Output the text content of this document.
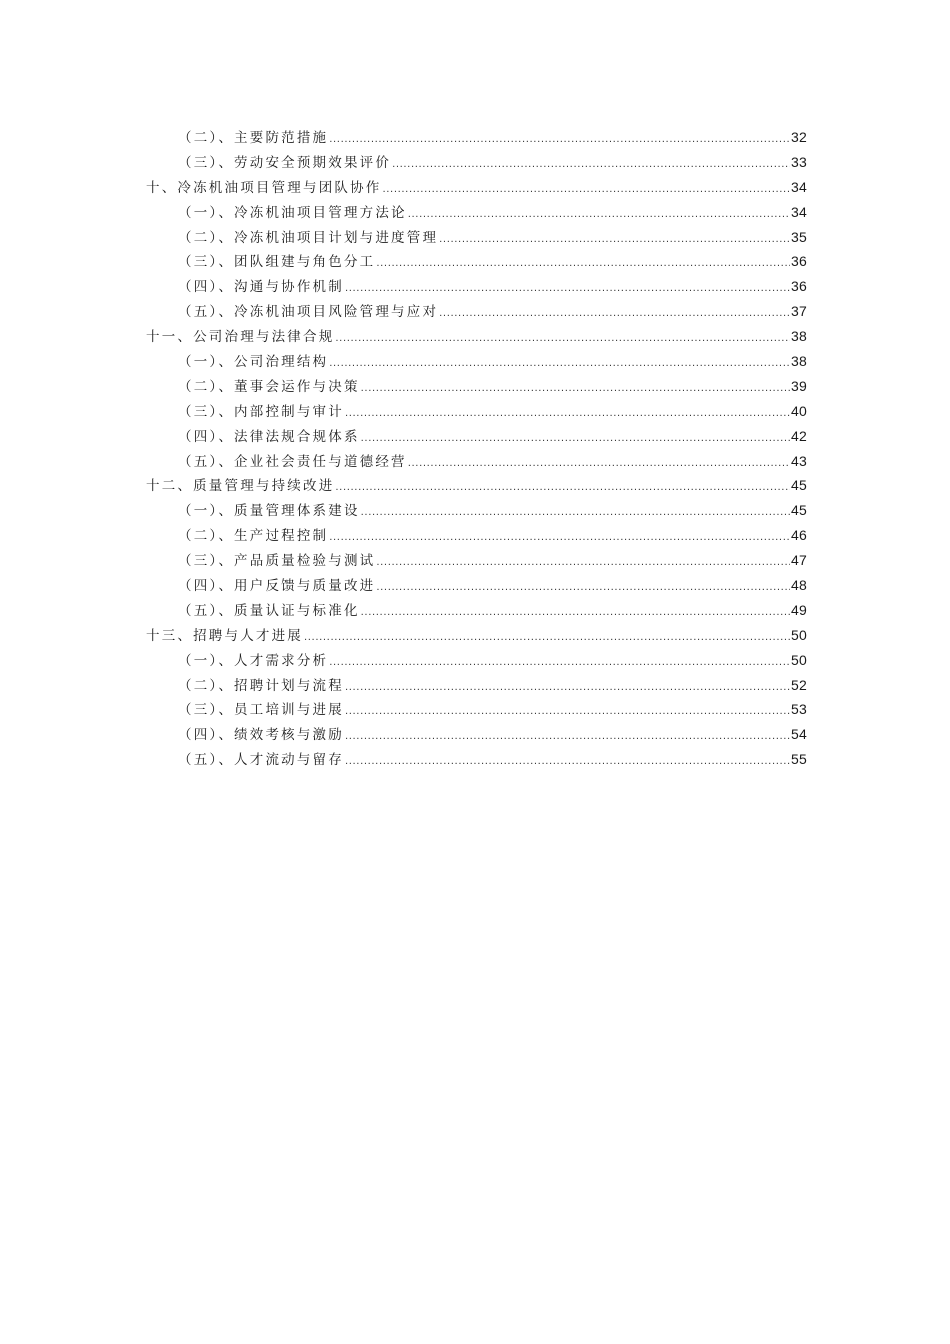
（二）、主要防范措施 .....	32
（三）、劳动安全预期效果评价 .....	33
十、冷冻机油项目管理与团队协作 .....	34
（一）、冷冻机油项目管理方法论 .....	34
（二）、冷冻机油项目计划与进度管理 .....	35
（三）、团队组建与角色分工 .....	36
（四）、沟通与协作机制 .....	36
（五）、冷冻机油项目风险管理与应对 .....	37
十一、公司治理与法律合规 .....	38
（一）、公司治理结构 .....	38
（二）、董事会运作与决策 .....	39
（三）、内部控制与审计 .....	40
（四）、法律法规合规体系 .....	42
（五）、企业社会责任与道德经营 .....	43
十二、质量管理与持续改进 .....	45
（一）、质量管理体系建设 .....	45
（二）、生产过程控制 .....	46
（三）、产品质量检验与测试 .....	47
（四）、用户反馈与质量改进 .....	48
（五）、质量认证与标准化 .....	49
十三、招聘与人才进展 .....	50
（一）、人才需求分析 .....	50
（二）、招聘计划与流程 .....	52
（三）、员工培训与进展 .....	53
（四）、绩效考核与激励 .....	54
（五）、人才流动与留存 .....	55
